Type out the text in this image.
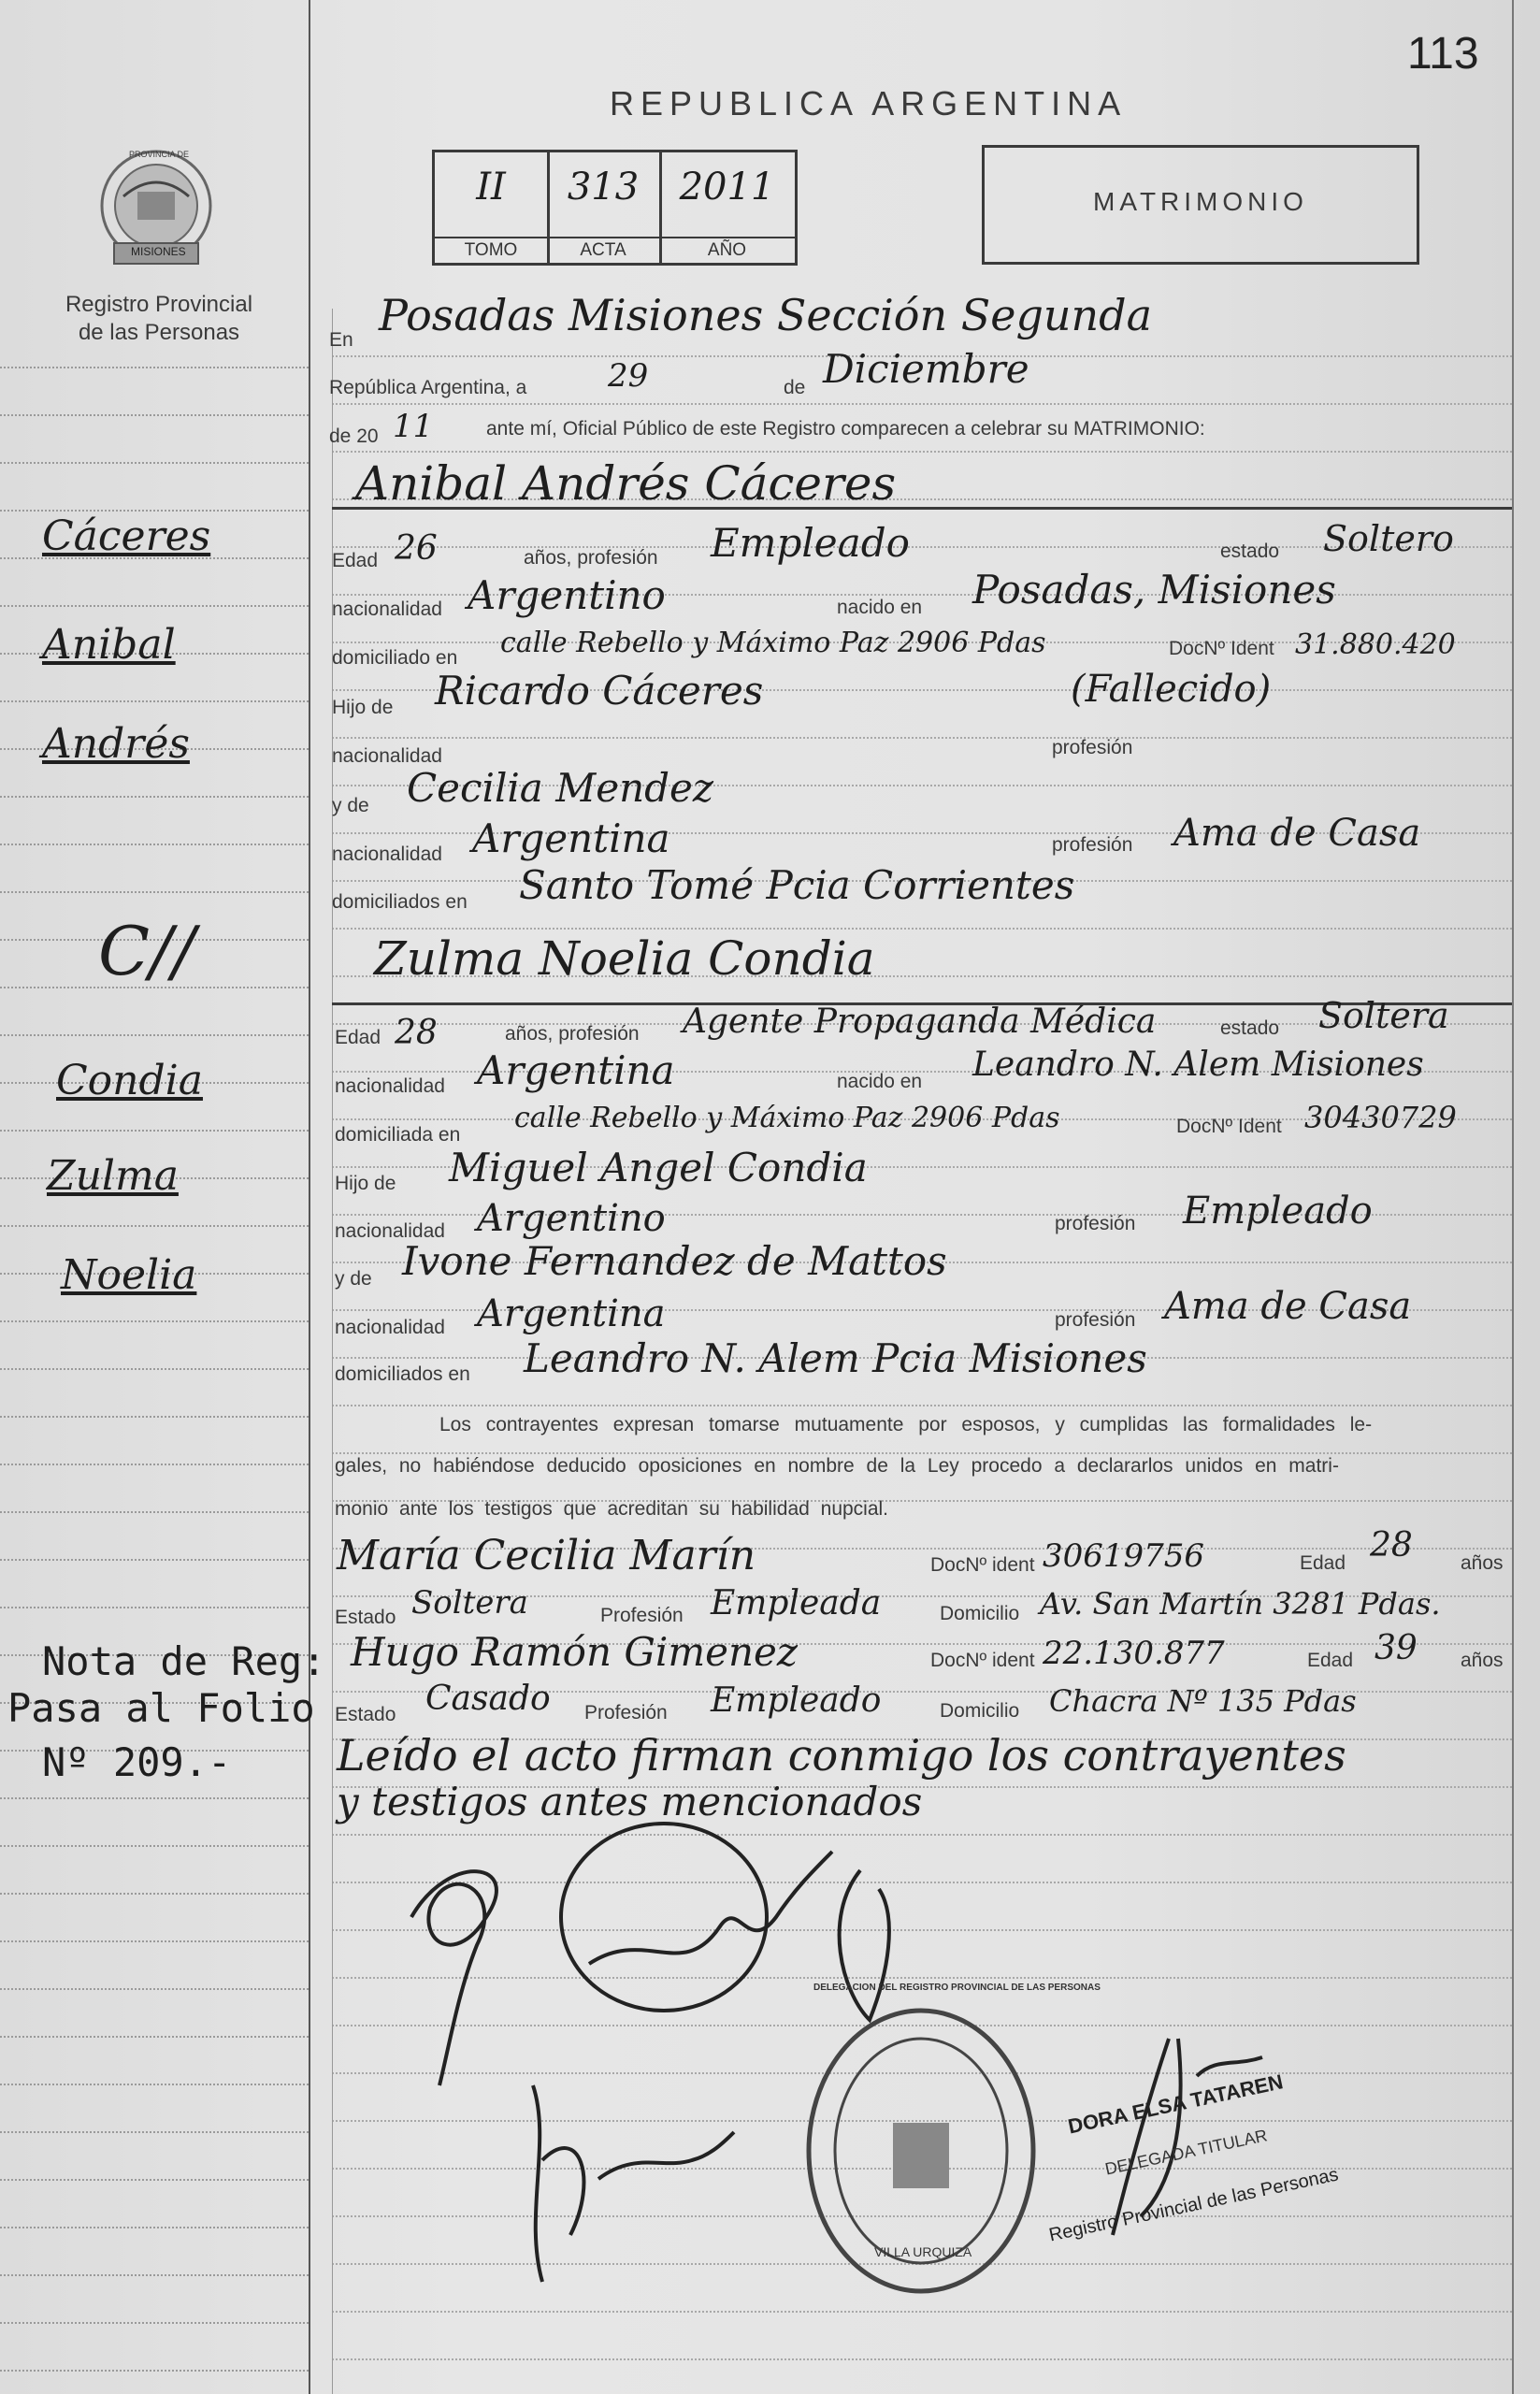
113
REPUBLICA ARGENTINA
PROVINCIA DE
MISIONES
Registro Provincial
de las Personas
II
TOMO
313
ACTA
2011
AÑO
MATRIMONIO
Cáceres
Anibal
Andrés
C//
Condia
Zulma
Noelia
Nota de Reg:
Pasa al Folio
Nº 209.-
En Posadas Misiones Sección Segunda
República Argentina, a	29	de Diciembre
de 20 11	ante mí, Oficial Público de este Registro comparecen a celebrar su MATRIMONIO:
Anibal Andrés Cáceres
Edad 26	años, profesión Empleado	estado Soltero
nacionalidad Argentino	nacido en Posadas, Misiones
domiciliado en calle Rebello y Máximo Paz 2906 Pdas	DocNº Ident 31.880.420
Hijo de Ricardo Cáceres	(Fallecido)
nacionalidad	profesión
y de Cecilia Mendez
nacionalidad Argentina	profesión Ama de Casa
domiciliados en Santo Tomé Pcia Corrientes
Zulma Noelia Condia
Edad 28	años, profesión Agente Propaganda Médica	estado Soltera
nacionalidad Argentina	nacido en Leandro N. Alem Misiones
domiciliada en
calle Rebello y Máximo Paz 2906 Pdas	DocNº Ident 30430729
Hijo de Miguel Angel Condia
nacionalidad Argentino	profesión Empleado
y de Ivone Fernandez de Mattos
nacionalidad Argentina	profesión Ama de Casa
domiciliados en Leandro N. Alem Pcia Misiones
Los contrayentes expresan tomarse mutuamente por esposos, y cumplidas las formalidades le-
gales, no habiéndose deducido oposiciones en nombre de la Ley procedo a declararlos unidos en matri-
monio ante los testigos que acreditan su habilidad nupcial.
María Cecilia Marín	DocNº ident 30619756	Edad 28 años
Estado Soltera	Profesión Empleada	Domicilio Av. San Martín 3281 Pdas.
Hugo Ramón Gimenez	DocNº ident 22.130.877	Edad 39 años
Estado Casado Profesión Empleado	Domicilio Chacra Nº 135 Pdas
Leído el acto firman conmigo los contrayentes
y testigos antes mencionados
DELEGACION DEL REGISTRO PROVINCIAL DE LAS PERSONAS
VILLA URQUIZA
DORA ELSA TATAREN
DELEGADA TITULAR
Registro Provincial de las Personas
